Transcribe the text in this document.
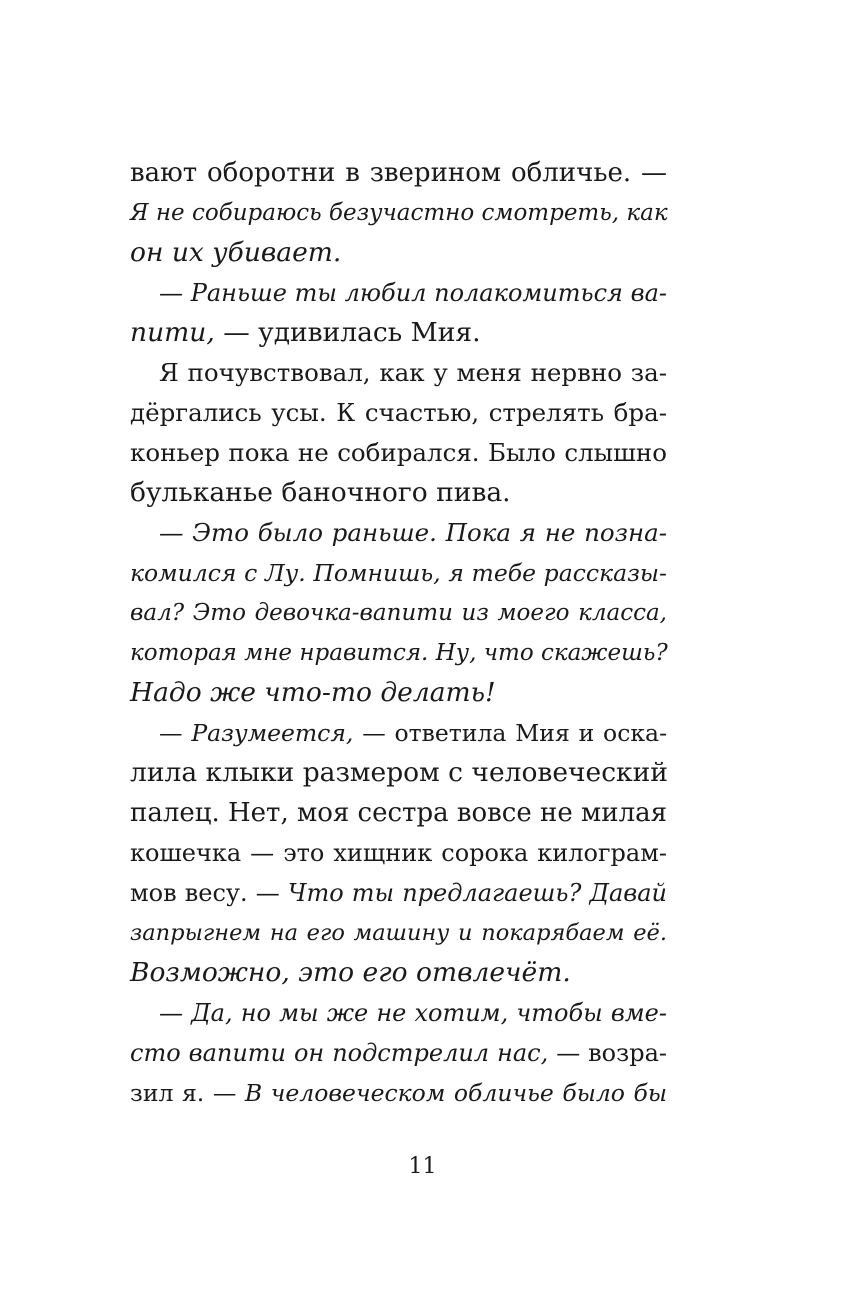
вают оборотни в зверином обличье. —
Я не собираюсь безучастно смотреть, как
он их убивает.
— Раньше ты любил полакомиться ва-
пити, — удивилась Мия.
Я почувствовал, как у меня нервно за-
дёргались усы. К счастью, стрелять бра-
коньер пока не собирался. Было слышно
бульканье баночного пива.
— Это было раньше. Пока я не позна-
комился с Лу. Помнишь, я тебе рассказы-
вал? Это девочка-вапити из моего класса,
которая мне нравится. Ну, что скажешь?
Надо же что-то делать!
— Разумеется, — ответила Мия и оска-
лила клыки размером с человеческий
палец. Нет, моя сестра вовсе не милая
кошечка — это хищник сорока килограм-
мов весу. — Что ты предлагаешь? Давай
запрыгнем на его машину и покарябаем её.
Возможно, это его отвлечёт.
— Да, но мы же не хотим, чтобы вме-
сто вапити он подстрелил нас, — возра-
зил я. — В человеческом обличье было бы
11
